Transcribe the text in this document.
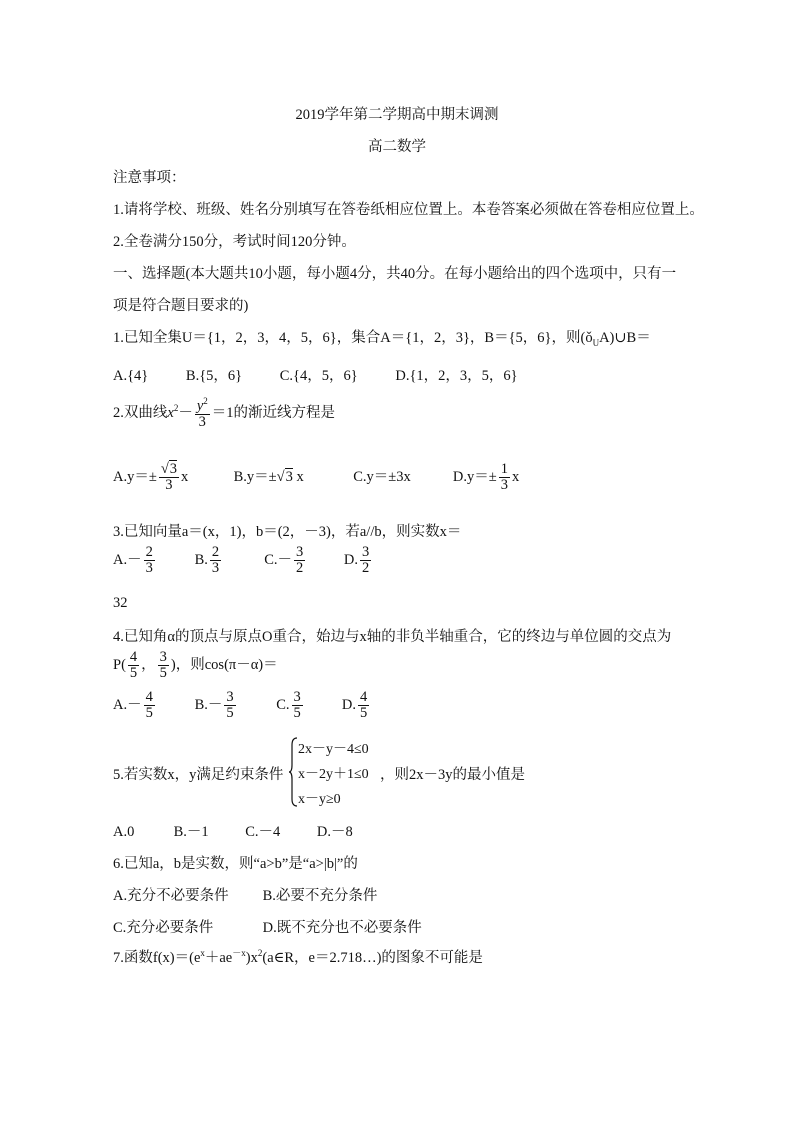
2019学年第二学期高中期末调测
高二数学
注意事项：
1.请将学校、班级、姓名分别填写在答卷纸相应位置上。本卷答案必须做在答卷相应位置上。
2.全卷满分150分，考试时间120分钟。
一、选择题(本大题共10小题，每小题4分，共40分。在每小题给出的四个选项中，只有一
项是符合题目要求的)
1.已知全集U＝{1，2，3，4，5，6}，集合A＝{1，2，3}，B＝{5，6}，则$(ǒ_UA)\cup B=$
A.{4}	B.{5，6}	C.{4，5，6}	D.{1，2，3，5，6}
2.双曲线$x^2- \frac{y^2}{3} =1$的渐近线方程是
$A.y=\pm \frac{√3}{3}$ x	B.y＝±√3 x	C.y＝±3x	$D.y=\pm \frac{1}{3}$ x
3.已知向量a＝(x，1)，b＝(2，－3)，若a//b，则实数x＝
$A.- \frac{2}{3}$	B. $\frac{2}{3}$	$C.- \frac{3}{2}$	D. $\frac{3}{2}$
32
4.已知角α的顶点与原点O重合，始边与x轴的非负半轴重合，它的终边与单位圆的交点为
$P( \frac{4}{5}$ ， $\frac{3}{5}$ )，则cos(π－α)＝
$A.- \frac{4}{5}$	$B.- \frac{3}{5}$	C. $\frac{3}{5}$	D. $\frac{4}{5}$
5.若实数x，y满足约束条件
2x－y－4≤0
x－2y＋1≤0
x－y≥0
，则2x－3y的最小值是
A.0	B.－1	C.－4	D.－8
6.已知a，b是实数，则“a>b”是“a>|b|”的
A.充分不必要条件 B.必要不充分条件
C.充分必要条件	D.既不充分也不必要条件
7.函数$f(x)=(e^x+ae^{-x})x^2(a\in R$，e＝2.718…)的图象不可能是
